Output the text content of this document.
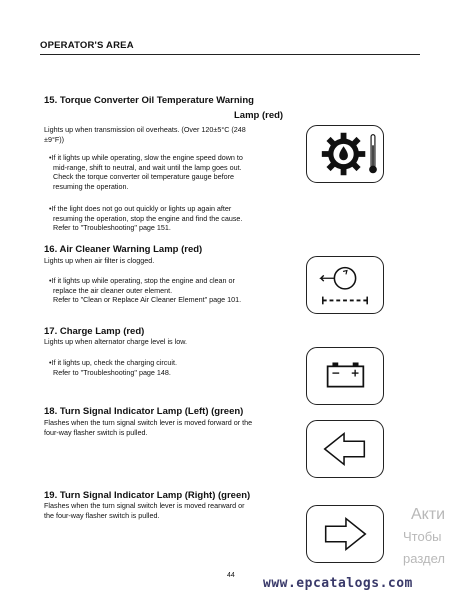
OPERATOR'S AREA
15. Torque Converter Oil Temperature Warning
Lamp (red)
Lights up when transmission oil overheats. (Over 120±5°C (248
±9°F))
•If it lights up while operating, slow the engine speed down to
mid-range, shift to neutral, and wait until the lamp goes out.
Check the torque converter oil temperature gauge before
resuming the operation.
•If the light does not go out quickly or lights up again after
resuming the operation, stop the engine and find the cause.
Refer to "Troubleshooting" page 151.
16. Air Cleaner Warning Lamp (red)
Lights up when air filter is clogged.
•If it lights up while operating, stop the engine and clean or
replace the air cleaner outer element.
Refer to "Clean or Replace Air Cleaner Element" page 101.
17. Charge Lamp (red)
Lights up when alternator charge level is low.
•If it lights up, check the charging circuit.
Refer to "Troubleshooting" page 148.
18. Turn Signal Indicator Lamp (Left) (green)
Flashes when the turn signal switch lever is moved forward or the
four-way flasher switch is pulled.
19. Turn Signal Indicator Lamp (Right) (green)
Flashes when the turn signal switch lever is moved rearward or
the four-way flasher switch is pulled.
44
www.epcatalogs.com
Акти
Чтобы
раздел
